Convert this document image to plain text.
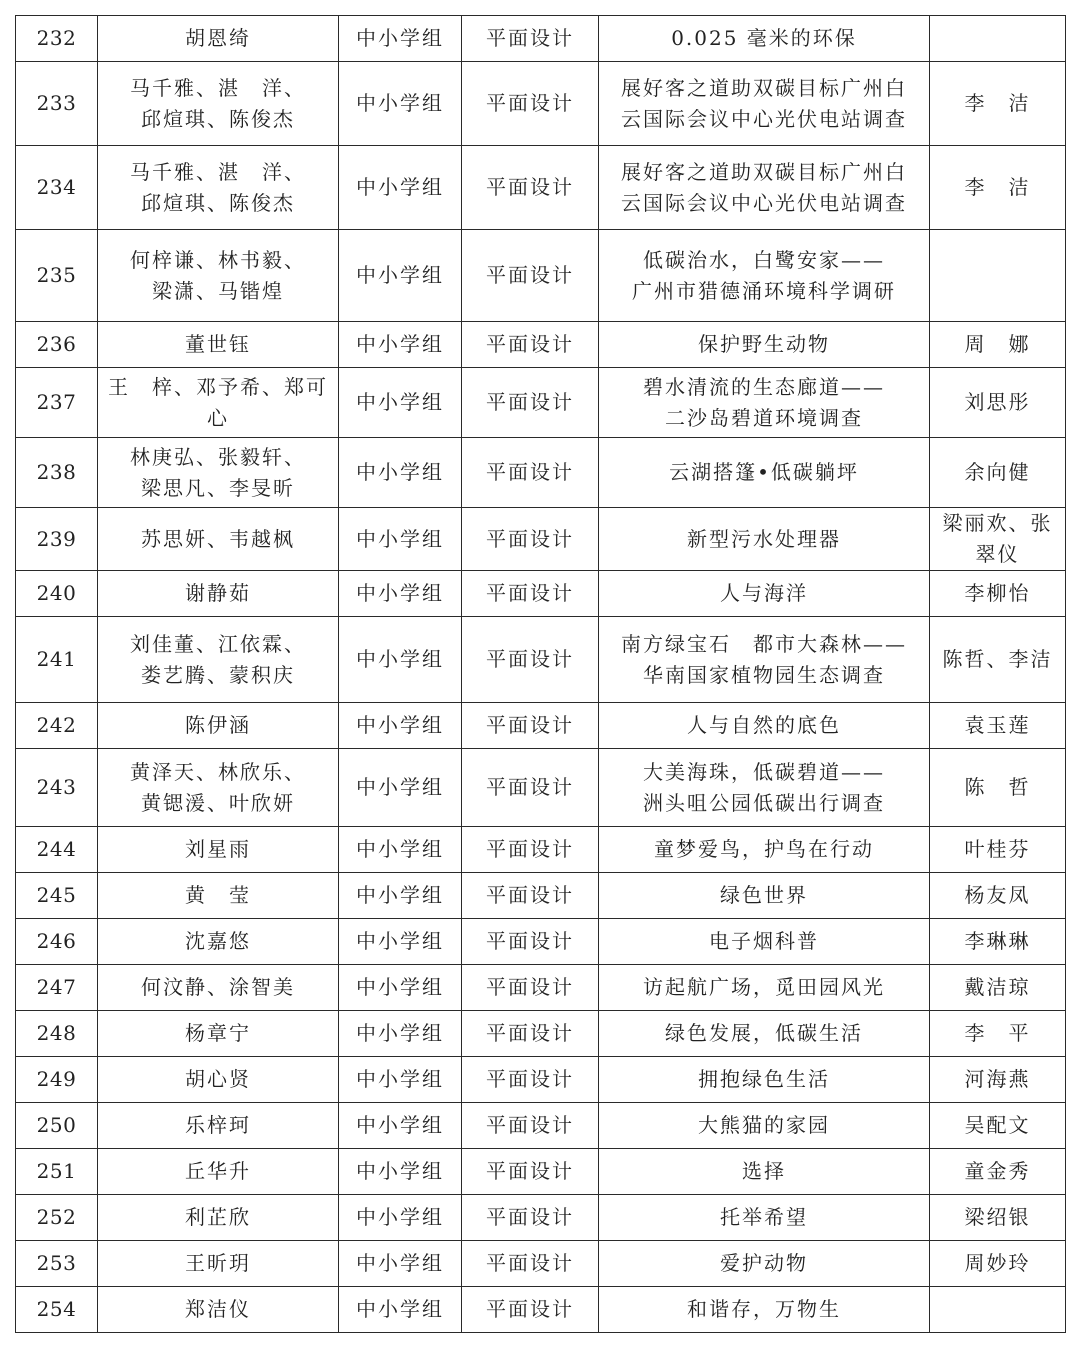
232	胡恩绮	中小学组	平面设计	0.025 毫米的环保	

233	马千雅、湛　洋、
邱煊琪、陈俊杰	中小学组	平面设计	展好客之道助双碳目标广州白
云国际会议中心光伏电站调查	李　洁

234	马千雅、湛　洋、
邱煊琪、陈俊杰	中小学组	平面设计	展好客之道助双碳目标广州白
云国际会议中心光伏电站调查	李　洁

235	何梓谦、林书毅、
梁潇、马锴煌	中小学组	平面设计	低碳治水，白鹭安家——
广州市猎德涌环境科学调研	

236	董世钰	中小学组	平面设计	保护野生动物	周　娜

237	王　梓、邓予希、郑可心	中小学组	平面设计	碧水清流的生态廊道——
二沙岛碧道环境调查	刘思彤

238	林庚弘、张毅轩、
梁思凡、李旻昕	中小学组	平面设计	云湖搭篷•低碳躺坪	余向健

239	苏思妍、韦越枫	中小学组	平面设计	新型污水处理器	梁丽欢、张
翠仪

240	谢静茹	中小学组	平面设计	人与海洋	李柳怡

241	刘佳董、江依霖、
娄艺腾、蒙积庆	中小学组	平面设计	南方绿宝石　都市大森林——
华南国家植物园生态调查	陈哲、李洁

242	陈伊涵	中小学组	平面设计	人与自然的底色	袁玉莲

243	黄泽天、林欣乐、
黄锶湲、叶欣妍	中小学组	平面设计	大美海珠，低碳碧道——
洲头咀公园低碳出行调查	陈　哲

244	刘星雨	中小学组	平面设计	童梦爱鸟，护鸟在行动	叶桂芬

245	黄　莹	中小学组	平面设计	绿色世界	杨友凤

246	沈嘉悠	中小学组	平面设计	电子烟科普	李琳琳

247	何汶静、涂智美	中小学组	平面设计	访起航广场，觅田园风光	戴洁琼

248	杨章宁	中小学组	平面设计	绿色发展，低碳生活	李　平

249	胡心贤	中小学组	平面设计	拥抱绿色生活	河海燕

250	乐梓珂	中小学组	平面设计	大熊猫的家园	吴配文

251	丘华升	中小学组	平面设计	选择	童金秀

252	利芷欣	中小学组	平面设计	托举希望	梁绍银

253	王昕玥	中小学组	平面设计	爱护动物	周妙玲

254	郑洁仪	中小学组	平面设计	和谐存，万物生	
